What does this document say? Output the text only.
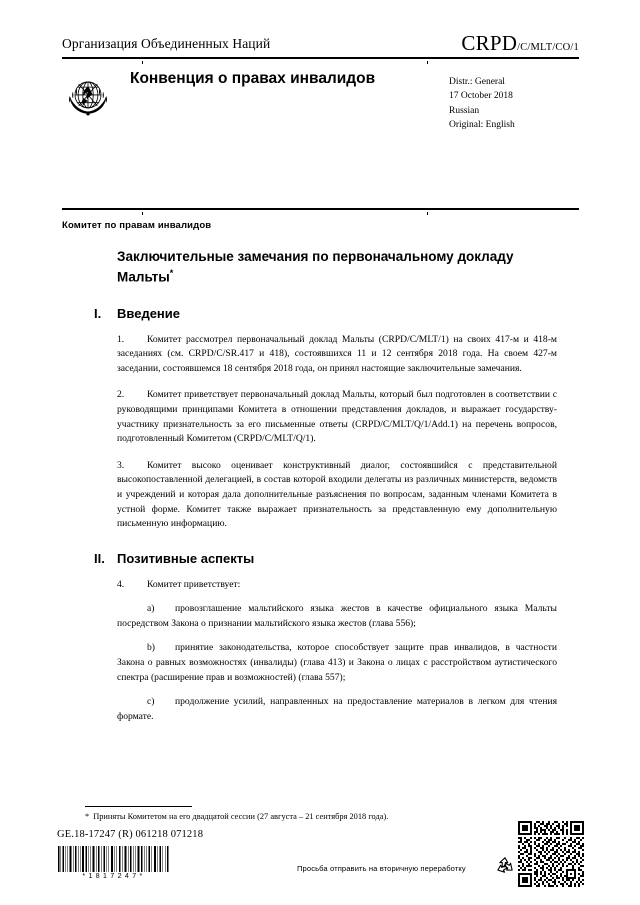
Организация Объединенных Наций	CRPD/C/MLT/CO/1
Конвенция о правах инвалидов	Distr.: General
17 October 2018
Russian
Original: English
Комитет по правам инвалидов
Заключительные замечания по первоначальному докладу Мальты*
I.	Введение
1. Комитет рассмотрел первоначальный доклад Мальты (CRPD/C/MLT/1) на своих 417-м и 418-м заседаниях (см. CRPD/C/SR.417 и 418), состоявшихся 11 и 12 сентября 2018 года. На своем 427-м заседании, состоявшемся 18 сентября 2018 года, он принял настоящие заключительные замечания.
2. Комитет приветствует первоначальный доклад Мальты, который был подготовлен в соответствии с руководящими принципами Комитета в отношении представления докладов, и выражает государству-участнику признательность за его письменные ответы (CRPD/C/MLT/Q/1/Add.1) на перечень вопросов, подготовленный Комитетом (CRPD/C/MLT/Q/1).
3. Комитет высоко оценивает конструктивный диалог, состоявшийся с представительной высокопоставленной делегацией, в состав которой входили делегаты из различных министерств, ведомств и учреждений и которая дала дополнительные разъяснения по вопросам, заданным членами Комитета в устной форме. Комитет также выражает признательность за представленную ему дополнительную письменную информацию.
II. Позитивные аспекты
4. Комитет приветствует:
a) провозглашение мальтийского языка жестов в качестве официального языка Мальты посредством Закона о признании мальтийского языка жестов (глава 556);
b) принятие законодательства, которое способствует защите прав инвалидов, в частности Закона о равных возможностях (инвалиды) (глава 413) и Закона о лицах с расстройством аутистического спектра (расширение прав и возможностей) (глава 557);
c) продолжение усилий, направленных на предоставление материалов в легком для чтения формате.
* Приняты Комитетом на его двадцатой сессии (27 августа – 21 сентября 2018 года).
GE.18-17247 (R) 061218 071218
*1817247*
Просьба отправить на вторичную переработку
